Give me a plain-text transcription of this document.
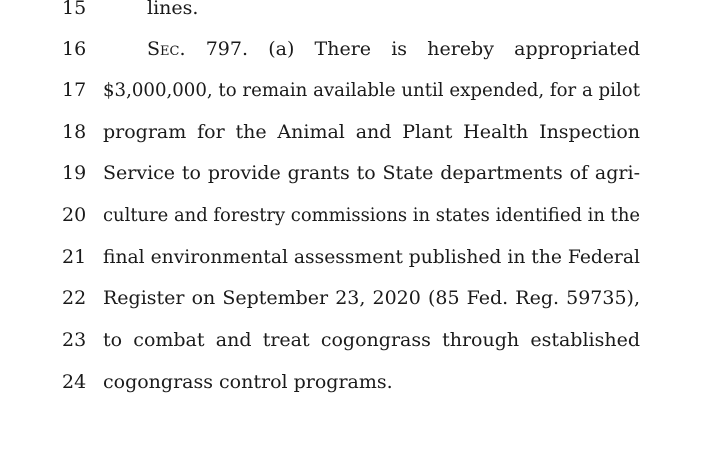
15	lines.
16	Sec. 797. (a) There is hereby appropriated
17 $3,000,000, to remain available until expended, for a pilot
18 program for the Animal and Plant Health Inspection
19 Service to provide grants to State departments of agri-
20 culture and forestry commissions in states identified in the
21 final environmental assessment published in the Federal
22 Register on September 23, 2020 (85 Fed. Reg. 59735),
23 to combat and treat cogongrass through established
24 cogongrass control programs.
